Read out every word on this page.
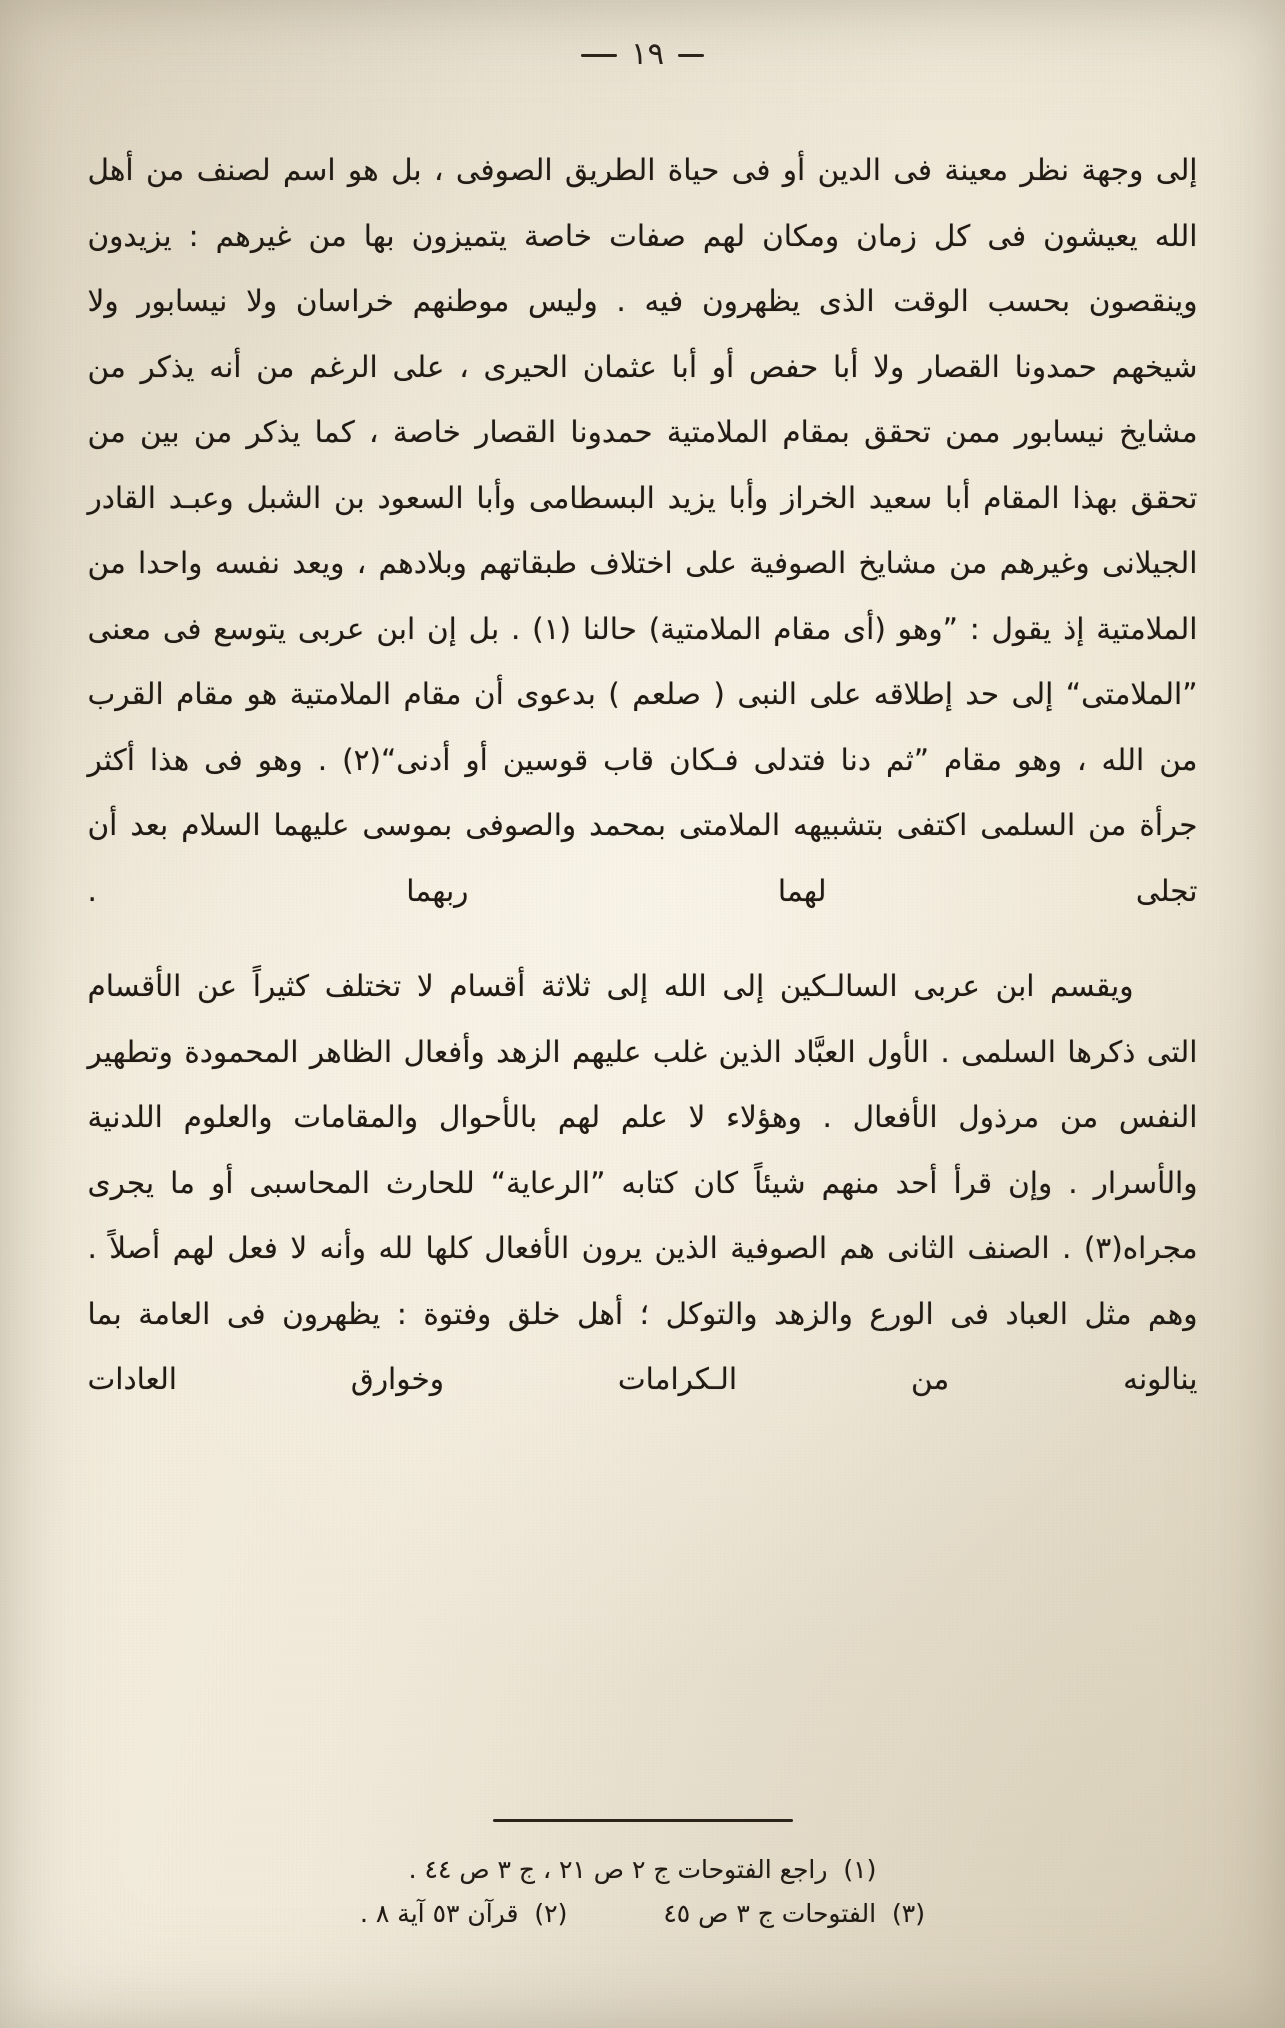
١٩

إلى وجهة نظر معينة فى الدين أو فى حياة الطريق الصوفى ، بل هو اسم لصنف من أهل الله يعيشون فى كل زمان ومكان لهم صفات خاصة يتميزون بها من غيرهم : يزيدون وينقصون بحسب الوقت الذى يظهرون فيه . وليس موطنهم خراسان ولا نيسابور ولا شيخهم حمدونا القصار ولا أبا حفص أو أبا عثمان الحيرى ، على الرغم من أنه يذكر من مشايخ نيسابور ممن تحقق بمقام الملامتية حمدونا القصار خاصة ، كما يذكر من بين من تحقق بهذا المقام أبا سعيد الخراز وأبا يزيد البسطامى وأبا السعود بن الشبل وعبـد القادر الجيلانى وغيرهم من مشايخ الصوفية على اختلاف طبقاتهم وبلادهم ، ويعد نفسه واحدا من الملامتية إذ يقول : ”وهو (أى مقام الملامتية) حالنا (١) . بل إن ابن عربى يتوسع فى معنى ”الملامتى“ إلى حد إطلاقه على النبى ( صلعم ) بدعوى أن مقام الملامتية هو مقام القرب من الله ، وهو مقام ”ثم دنا فتدلى فـكان قاب قوسين أو أدنى“(٢) . وهو فى هذا أكثر جرأة من السلمى اكتفى بتشبيهه الملامتى بمحمد والصوفى بموسى عليهما السلام بعد أن تجلى لهما ربهما .

ويقسم ابن عربى السالـكين إلى الله إلى ثلاثة أقسام لا تختلف كثيراً عن الأقسام التى ذكرها السلمى . الأول العبَّاد الذين غلب عليهم الزهد وأفعال الظاهر المحمودة وتطهير النفس من مرذول الأفعال . وهؤلاء لا علم لهم بالأحوال والمقامات والعلوم اللدنية والأسرار . وإن قرأ أحد منهم شيئاً كان كتابه ”الرعاية“ للحارث المحاسبى أو ما يجرى مجراه(٣) . الصنف الثانى هم الصوفية الذين يرون الأفعال كلها لله وأنه لا فعل لهم أصلاً . وهم مثل العباد فى الورع والزهد والتوكل ؛ أهل خلق وفتوة : يظهرون فى العامة بما ينالونه من الـكرامات وخوارق العادات

(١) راجع الفتوحات ج ٢ ص ٢١ ، ج ٣ ص ٤٤ .
(٣) الفتوحات ج ٣ ص ٤٥
(٢) قرآن ٥٣ آية ٨ .
